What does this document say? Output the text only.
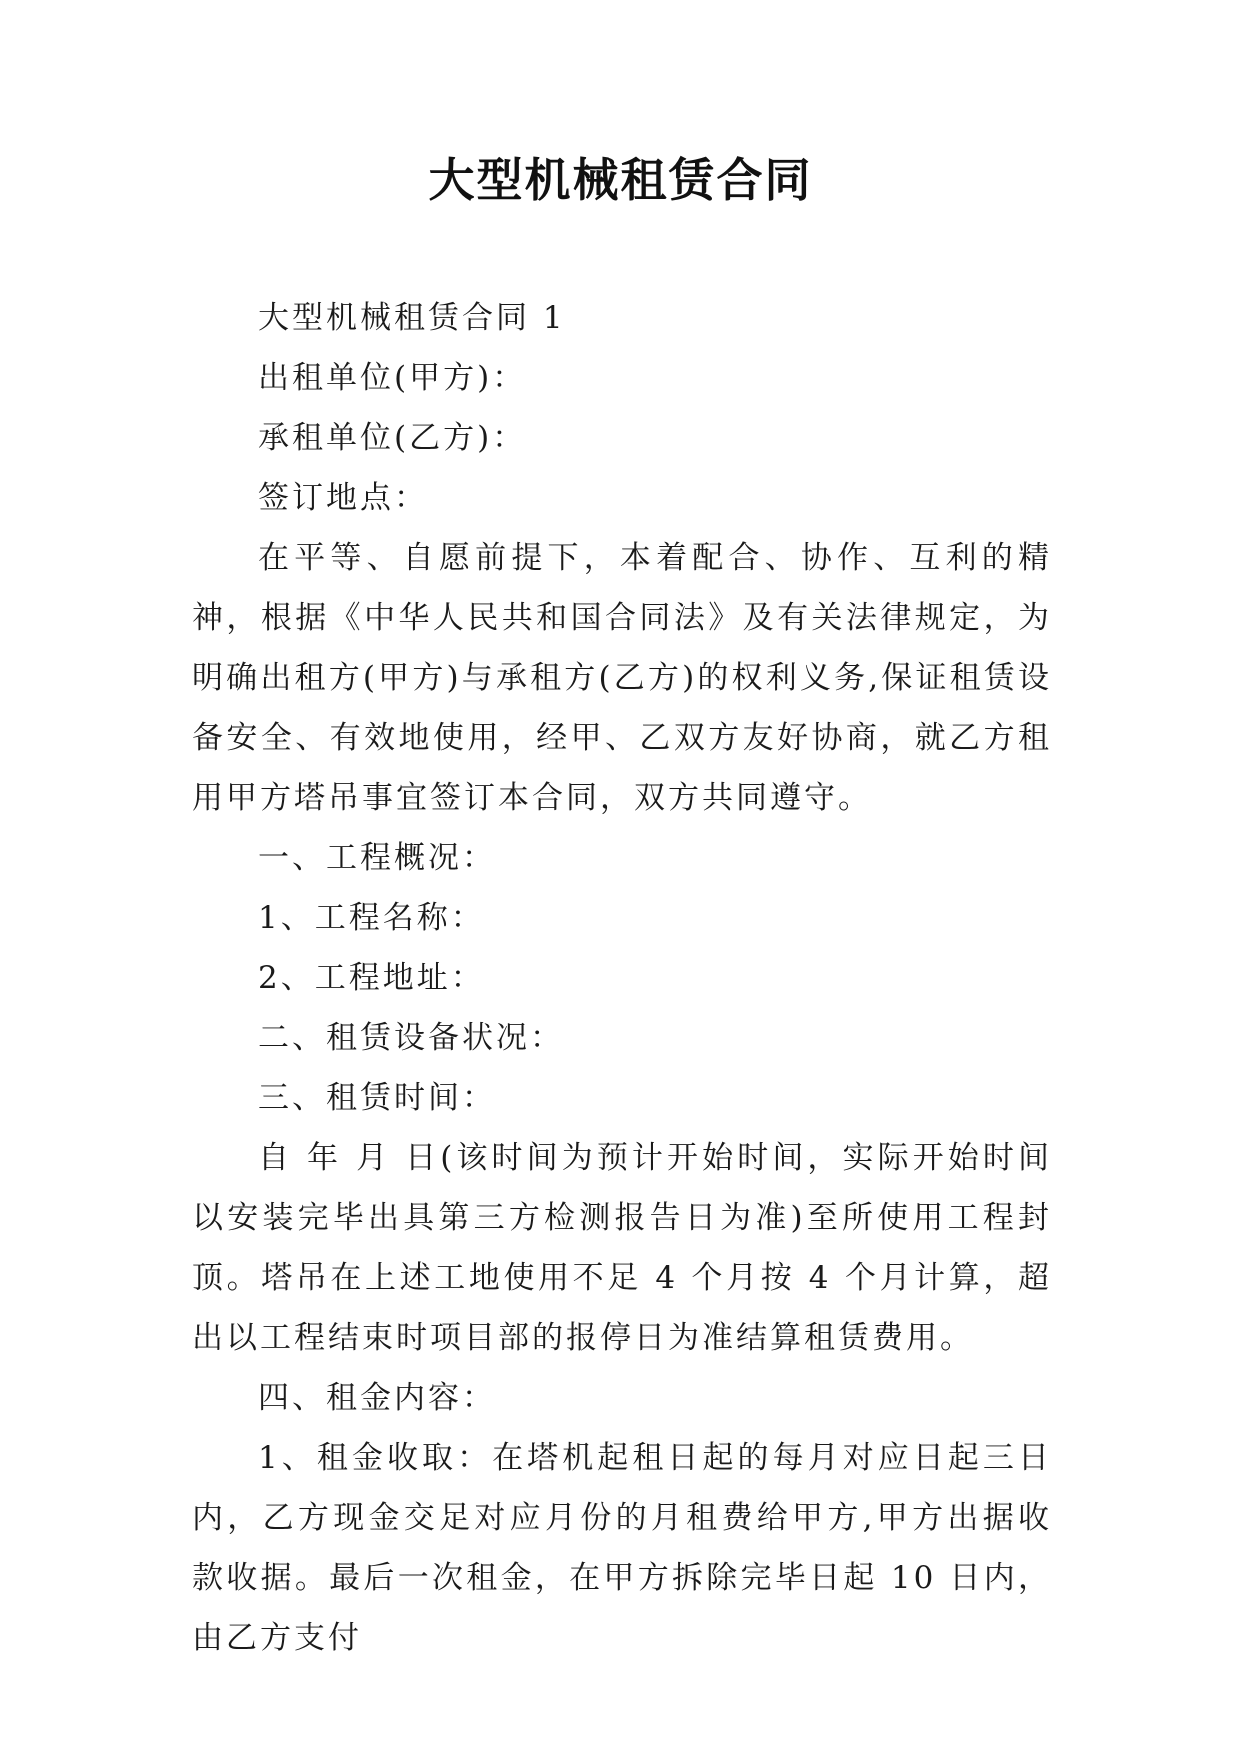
大型机械租赁合同

大型机械租赁合同 1

出租单位(甲方)：

承租单位(乙方)：

签订地点：

在平等、自愿前提下，本着配合、协作、互利的精神，根据《中华人民共和国合同法》及有关法律规定，为明确出租方(甲方)与承租方(乙方)的权利义务,保证租赁设备安全、有效地使用，经甲、乙双方友好协商，就乙方租用甲方塔吊事宜签订本合同，双方共同遵守。

一、工程概况：

1、工程名称：

2、工程地址：

二、租赁设备状况：

三、租赁时间：

自 年 月 日(该时间为预计开始时间，实际开始时间以安装完毕出具第三方检测报告日为准)至所使用工程封顶。塔吊在上述工地使用不足 4 个月按 4 个月计算，超出以工程结束时项目部的报停日为准结算租赁费用。

四、租金内容：

1、租金收取：在塔机起租日起的每月对应日起三日内，乙方现金交足对应月份的月租费给甲方,甲方出据收款收据。最后一次租金，在甲方拆除完毕日起 10 日内，由乙方支付
